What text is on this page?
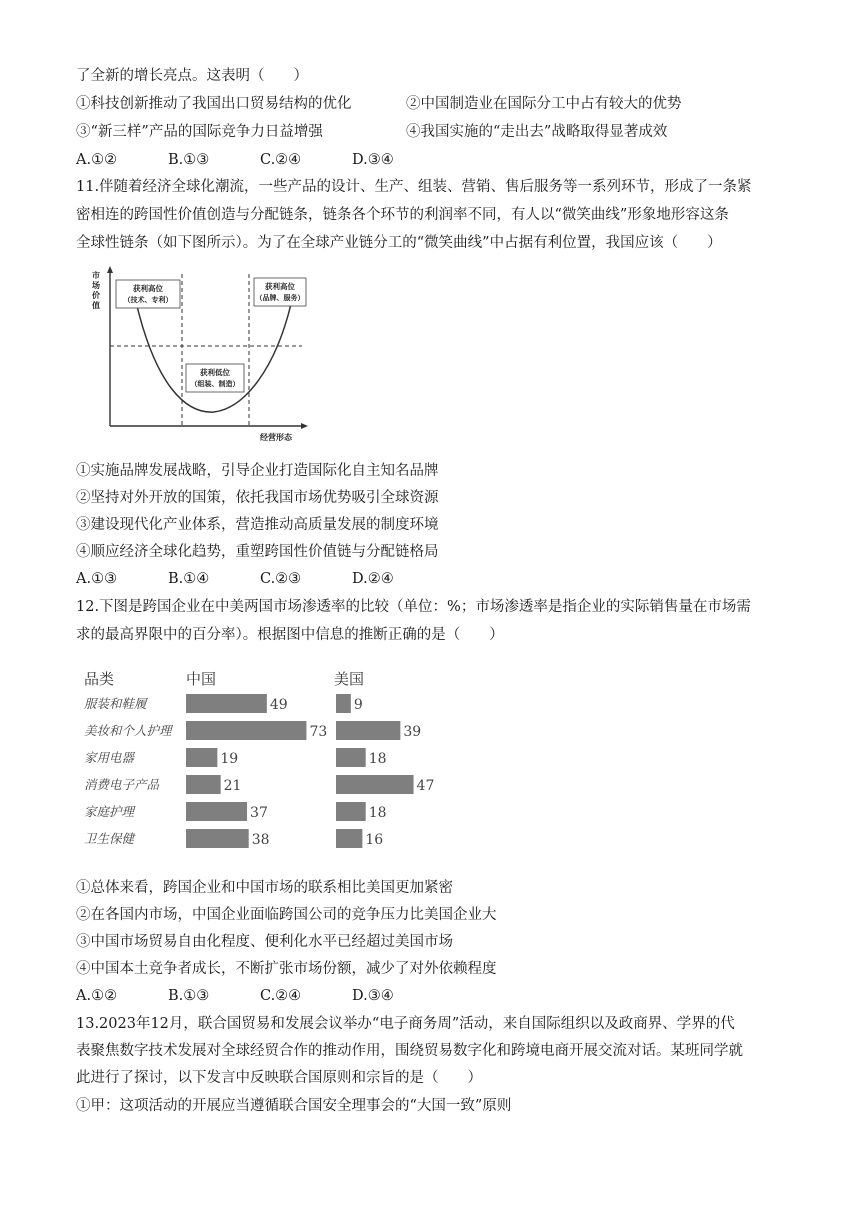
了全新的增长亮点。这表明（　　）
①科技创新推动了我国出口贸易结构的优化	②中国制造业在国际分工中占有较大的优势
③“新三样”产品的国际竞争力日益增强	④我国实施的“走出去”战略取得显著成效
A.①②	B.①③	C.②④	D.③④
11.伴随着经济全球化潮流，一些产品的设计、生产、组装、营销、售后服务等一系列环节，形成了一条紧
密相连的跨国性价值创造与分配链条，链条各个环节的利润率不同，有人以“微笑曲线”形象地形容这条
全球性链条（如下图所示）。为了在全球产业链分工的“微笑曲线”中占据有利位置，我国应该（　　）
市
场
价
值
经营形态
获利高位
（技术、专利）
获利高位
（品牌、服务）
获利低位
（组装、制造）
①实施品牌发展战略，引导企业打造国际化自主知名品牌
②坚持对外开放的国策，依托我国市场优势吸引全球资源
③建设现代化产业体系，营造推动高质量发展的制度环境
④顺应经济全球化趋势，重塑跨国性价值链与分配链格局
A.①③	B.①④	C.②③	D.②④
12.下图是跨国企业在中美两国市场渗透率的比较（单位：%；市场渗透率是指企业的实际销售量在市场需
求的最高界限中的百分率）。根据图中信息的推断正确的是（　　）
品类	中国	美国
服装和鞋履	49	9
美妆和个人护理	73	39
家用电器	19	18
消费电子产品	21	47
家庭护理	37	18
卫生保健	38	16
①总体来看，跨国企业和中国市场的联系相比美国更加紧密
②在各国内市场，中国企业面临跨国公司的竞争压力比美国企业大
③中国市场贸易自由化程度、便利化水平已经超过美国市场
④中国本土竞争者成长，不断扩张市场份额，减少了对外依赖程度
A.①②	B.①③	C.②④	D.③④
13.2023年12月，联合国贸易和发展会议举办“电子商务周”活动，来自国际组织以及政商界、学界的代
表聚焦数字技术发展对全球经贸合作的推动作用，围绕贸易数字化和跨境电商开展交流对话。某班同学就
此进行了探讨，以下发言中反映联合国原则和宗旨的是（　　）
①甲：这项活动的开展应当遵循联合国安全理事会的“大国一致”原则
